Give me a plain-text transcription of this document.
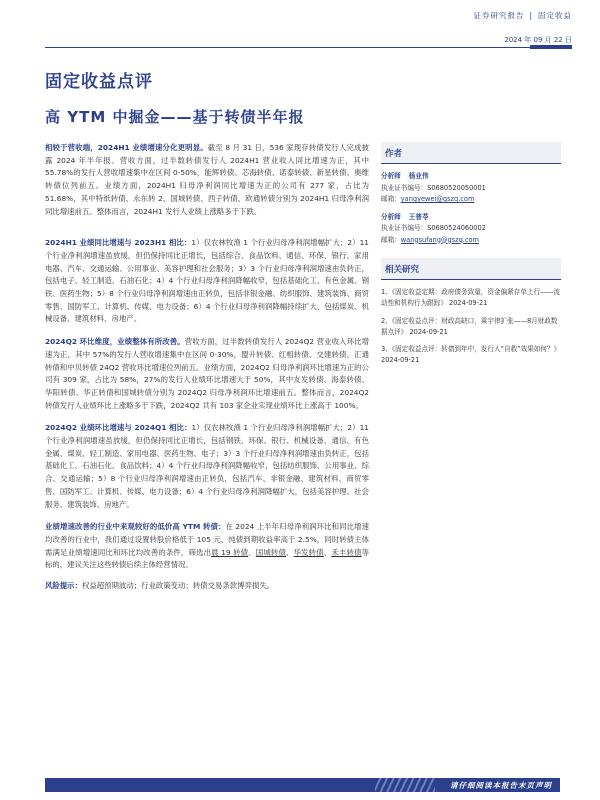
证券研究报告 | 固定收益
2024 年 09 月 22 日
固定收益点评
高 YTM 中掘金——基于转债半年报

相较于营收端，2024H1 业绩增速分化更明显。截至 8 月 31 日，536 家现存转债发行人完成披露 2024 年半年报。营收方面，过半数转债发行人 2024H1 营业收入同比增速为正，其中 55.78%的发行人营收增速集中在区间 0-50%，能辉转债、芯海转债、诺泰转债、新星转债、奥维转债位列前五。业绩方面，2024H1 归母净利润同比增速为正的公司有 277 家，占比为 51.68%，其中特纸转债、永东转 2、国城转债、西子转债、欧通转债分别为 2024H1 归母净利润同比增速前五。整体而言，2024H1 发行人业绩上涨略多于下跌。

2024H1 业绩同比增速与 2023H1 相比：1）仅农林牧渔 1 个行业归母净利润增幅扩大；2）11 个行业净利润增速虽放缓，但仍保持同比正增长，包括综合、食品饮料、通信、环保、银行、家用电器、汽车、交通运输、公用事业、美容护理和社会服务；3）3 个行业归母净利润增速由负转正，包括电子、轻工制造、石油石化；4）4 个行业归母净利润降幅收窄，包括基础化工、有色金属、钢铁、医药生物；5）8 个行业归母净利润增速由正转负，包括非银金融、纺织服饰、建筑装饰、商贸零售、国防军工、计算机、传媒、电力设备；6）4 个行业归母净利润降幅持续扩大，包括煤炭、机械设备、建筑材料、房地产。

2024Q2 环比维度，业绩整体有所改善。营收方面，过半数转债发行人 2024Q2 营业收入环比增速为正，其中 57%的发行人营收增速集中在区间 0-30%，盟升转债、红相转债、交建转债、汇通转债和中贝转债 24Q2 营收环比增速位列前五。业绩方面，2024Q2 归母净利润环比增速为正的公司有 309 家，占比为 58%，27%的发行人业绩环比增速大于 50%，其中友发转债、海泰转债、华阳转债、华正转债和国城转债分别为 2024Q2 归母净利润环比增速前五。整体而言，2024Q2 转债发行人业绩环比上涨略多于下跌，2024Q2 共有 103 家企业实现业绩环比上涨高于 100%。

2024Q2 业绩环比增速与 2024Q1 相比：1）仅农林牧渔 1 个行业归母净利润增幅扩大；2）11 个行业净利润增速虽放缓，但仍保持同比正增长，包括钢铁、环保、银行、机械设备、通信、有色金属、煤炭、轻工制造、家用电器、医药生物、电子；3）3 个行业归母净利润增速由负转正，包括基础化工、石油石化、食品饮料；4）4 个行业归母净利润降幅收窄，包括纺织服饰、公用事业、综合、交通运输；5）8 个行业归母净利润增速由正转负，包括汽车、非银金融、建筑材料、商贸零售、国防军工、计算机、传媒、电力设备；6）4 个行业归母净利润降幅扩大，包括美容护理、社会服务、建筑装饰、房地产。

业绩增速改善的行业中来观较好的低价高 YTM 转债：在 2024 上半年归母净利润环比和同比增速均改善的行业中，我们通过设置转股价格低于 105 元、纯债到期收益率高于 2.5%，同时转债主体需满足业绩增速同比和环比均改善的条件，筛选出晨 19 转债、国城转债、华发转债、禾丰转债等标的，建议关注这些转债后续主体经营情况。

风险提示：权益超预期波动；行业政策变动；转债交易条款博弈损失。

作者
分析师 杨业伟
执业证书编号：S0680520050001
邮箱：yangyewei@gszq.com
分析师 王普苓
执业证书编号：S0680524060002
邮箱：wangsufang@gszq.com
相关研究
1、《固定收益定期：政府债务致量，资金偏紧存单上行——流动性和机构行为跟踪》 2024-09-21
2、《固定收益点评：财政高缺口，乘宇律扩张——8月财政数据点评》 2024-09-21
3、《固定收益点评：转债到年中，发行人“自救”效果如何？》 2024-09-21
请仔细阅读本报告末页声明
